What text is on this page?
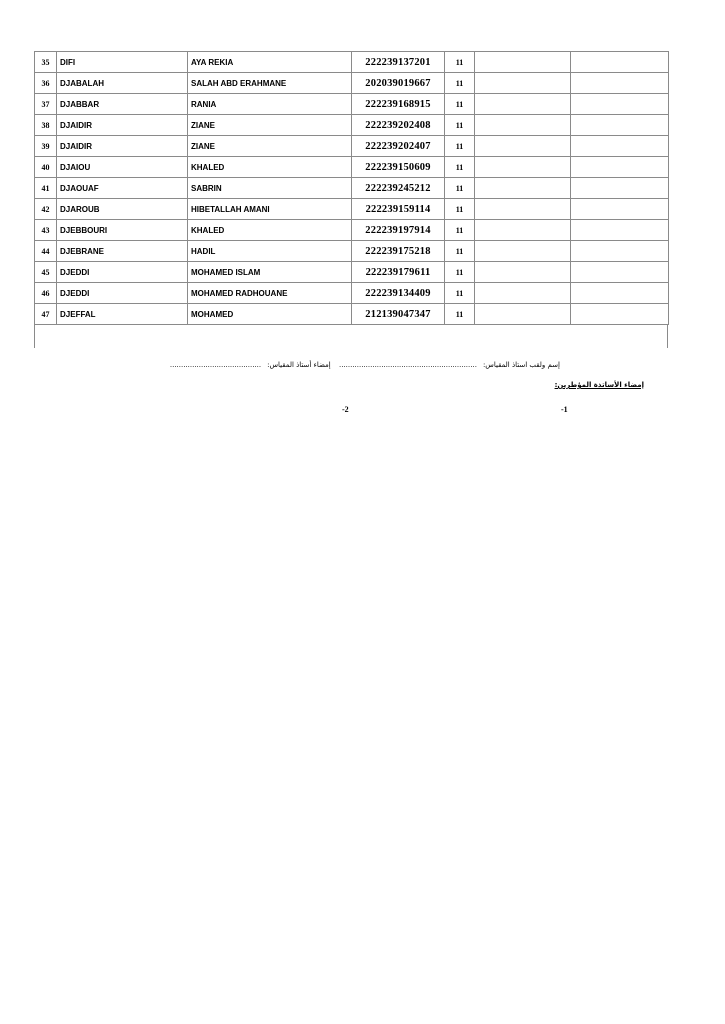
35	DIFI	AYA REKIA	222239137201	11		
36	DJABALAH	SALAH ABD ERAHMANE	202039019667	11		
37	DJABBAR	RANIA	222239168915	11		
38	DJAIDIR	ZIANE	222239202408	11		
39	DJAIDIR	ZIANE	222239202407	11		
40	DJAIOU	KHALED	222239150609	11		
41	DJAOUAF	SABRIN	222239245212	11		
42	DJAROUB	HIBETALLAH AMANI	222239159114	11		
43	DJEBBOURI	KHALED	222239197914	11		
44	DJEBRANE	HADIL	222239175218	11		
45	DJEDDI	MOHAMED ISLAM	222239179611	11		
46	DJEDDI	MOHAMED RADHOUANE	222239134409	11		
47	DJEFFAL	MOHAMED	212139047347	11		
إسم ولقب استاذ المقياس:.............................................................. إمضاء أستاذ المقياس:.........................................
إمضاء الأساتذة المؤطرين:
-1
-2
